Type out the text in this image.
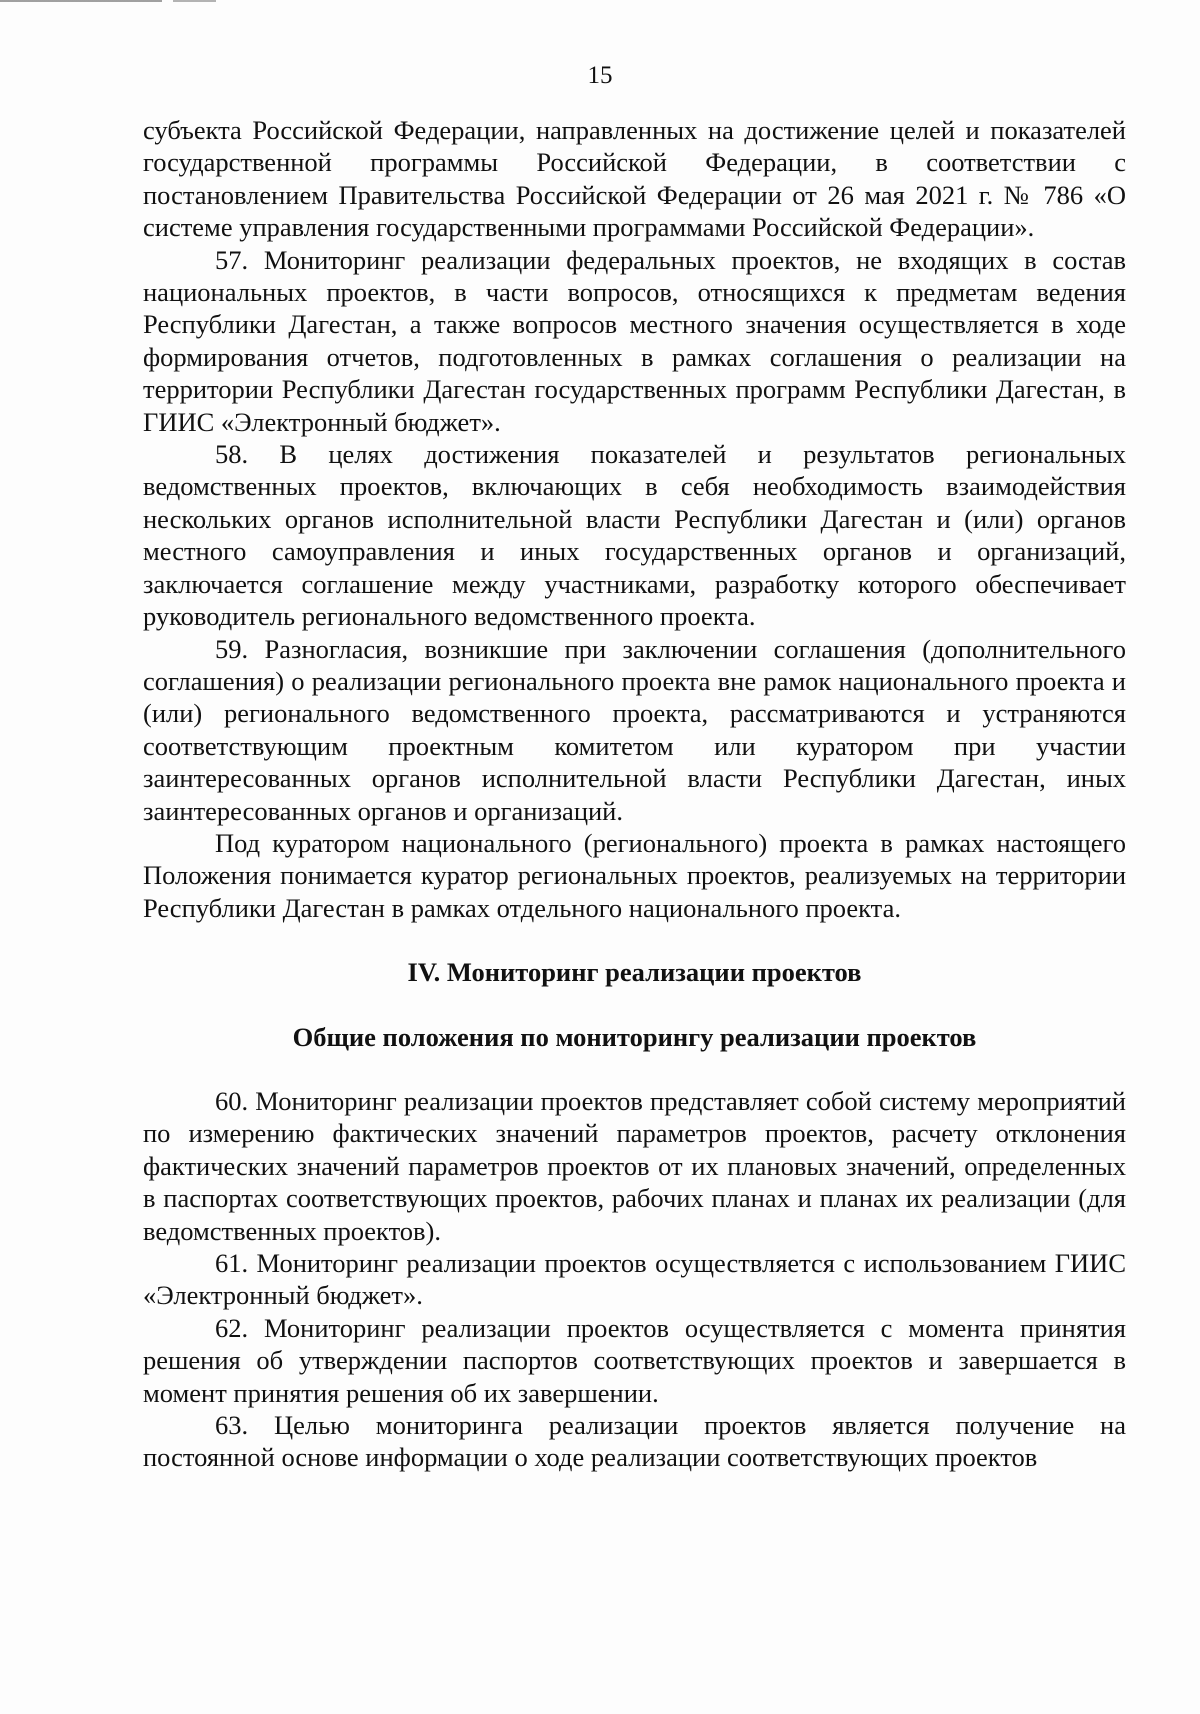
15

субъекта Российской Федерации, направленных на достижение целей и показателей государственной программы Российской Федерации, в соответствии с постановлением Правительства Российской Федерации от 26 мая 2021 г. № 786 «О системе управления государственными программами Российской Федерации».

57. Мониторинг реализации федеральных проектов, не входящих в состав национальных проектов, в части вопросов, относящихся к предметам ведения Республики Дагестан, а также вопросов местного значения осуществляется в ходе формирования отчетов, подготовленных в рамках соглашения о реализации на территории Республики Дагестан государственных программ Республики Дагестан, в ГИИС «Электронный бюджет».

58. В целях достижения показателей и результатов региональных ведомственных проектов, включающих в себя необходимость взаимодействия нескольких органов исполнительной власти Республики Дагестан и (или) органов местного самоуправления и иных государственных органов и организаций, заключается соглашение между участниками, разработку которого обеспечивает руководитель регионального ведомственного проекта.

59. Разногласия, возникшие при заключении соглашения (дополнительного соглашения) о реализации регионального проекта вне рамок национального проекта и (или) регионального ведомственного проекта, рассматриваются и устраняются соответствующим проектным комитетом или куратором при участии заинтересованных органов исполнительной власти Республики Дагестан, иных заинтересованных органов и организаций.

Под куратором национального (регионального) проекта в рамках настоящего Положения понимается куратор региональных проектов, реализуемых на территории Республики Дагестан в рамках отдельного национального проекта.

IV. Мониторинг реализации проектов
Общие положения по мониторингу реализации проектов

60. Мониторинг реализации проектов представляет собой систему мероприятий по измерению фактических значений параметров проектов, расчету отклонения фактических значений параметров проектов от их плановых значений, определенных в паспортах соответствующих проектов, рабочих планах и планах их реализации (для ведомственных проектов).

61. Мониторинг реализации проектов осуществляется с использованием ГИИС «Электронный бюджет».

62. Мониторинг реализации проектов осуществляется с момента принятия решения об утверждении паспортов соответствующих проектов и завершается в момент принятия решения об их завершении.

63. Целью мониторинга реализации проектов является получение на постоянной основе информации о ходе реализации соответствующих проектов
